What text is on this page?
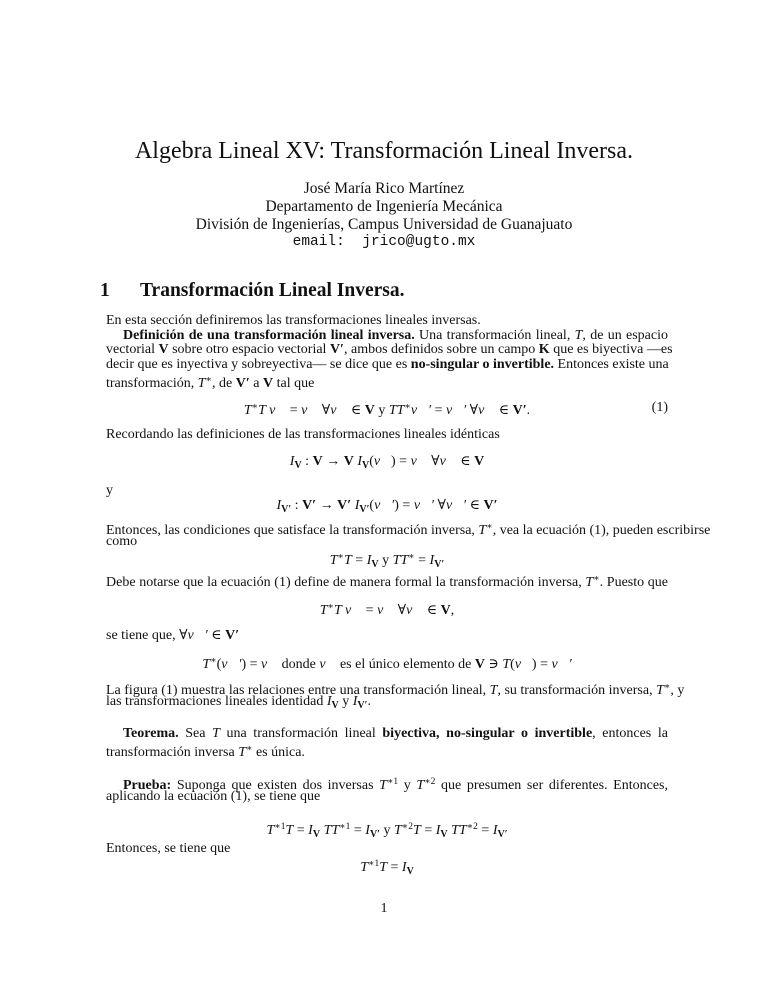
Algebra Lineal XV: Transformación Lineal Inversa.
José María Rico Martínez
Departamento de Ingeniería Mecánica
División de Ingenierías, Campus Universidad de Guanajuato
email: jrico@ugto.mx
1 Transformación Lineal Inversa.
(1)
1
En esta sección definiremos las transformaciones lineales inversas.
Definición de una transformación lineal inversa. Una transformación lineal, T, de un espacio
vectorial V sobre otro espacio vectorial V′, ambos definidos sobre un campo K que es biyectiva —es
decir que es inyectiva y sobreyectiva— se dice que es no-singular o invertible. Entonces existe una
transformación, T∗, de V′ a V tal que
T∗T v⃗ = v⃗ ∀v⃗ ∈ V y TT∗v⃗′ = v⃗′ ∀v⃗ ∈ V′.
Recordando las definiciones de las transformaciones lineales idénticas
$I_V$ : V → V $I_V(v⃗)$ = v⃗ ∀v⃗ ∈ V
y
$I_{V'}$ : V′ → V′ $I_{V'}(v⃗')$ = v⃗′ ∀v⃗′ ∈ V′
Entonces, las condiciones que satisface la transformación inversa, T∗, vea la ecuación (1), pueden escribirse
como
$T^∗T = I_V$ y $TT^∗ = I_{V'}$
Debe notarse que la ecuación (1) define de manera formal la transformación inversa, T∗. Puesto que
T∗T v⃗ = v⃗ ∀v⃗ ∈ V,
se tiene que, ∀v⃗′ ∈ V′
T∗(v⃗′) = v⃗ donde v⃗ es el único elemento de V ∋ T(v⃗) = v⃗′
La figura (1) muestra las relaciones entre una transformación lineal, T, su transformación inversa, T∗, y
las transformaciones lineales identidad $I_V$ y $I_{V'}$.
Teorema. Sea T una transformación lineal biyectiva, no-singular o invertible, entonces la
transformación inversa T∗ es única.
Prueba: Suponga que existen dos inversas $T^{∗1}$ y $T^{∗2}$ que presumen ser diferentes. Entonces,
aplicando la ecuación (1), se tiene que
$T^{∗1}T = I_V$ $TT^{∗1} = I_{V'}$ y $T^{∗2}T = I_V$ $TT^{∗2} = I_{V'}$
Entonces, se tiene que
$T^{∗1}T = I_V$
